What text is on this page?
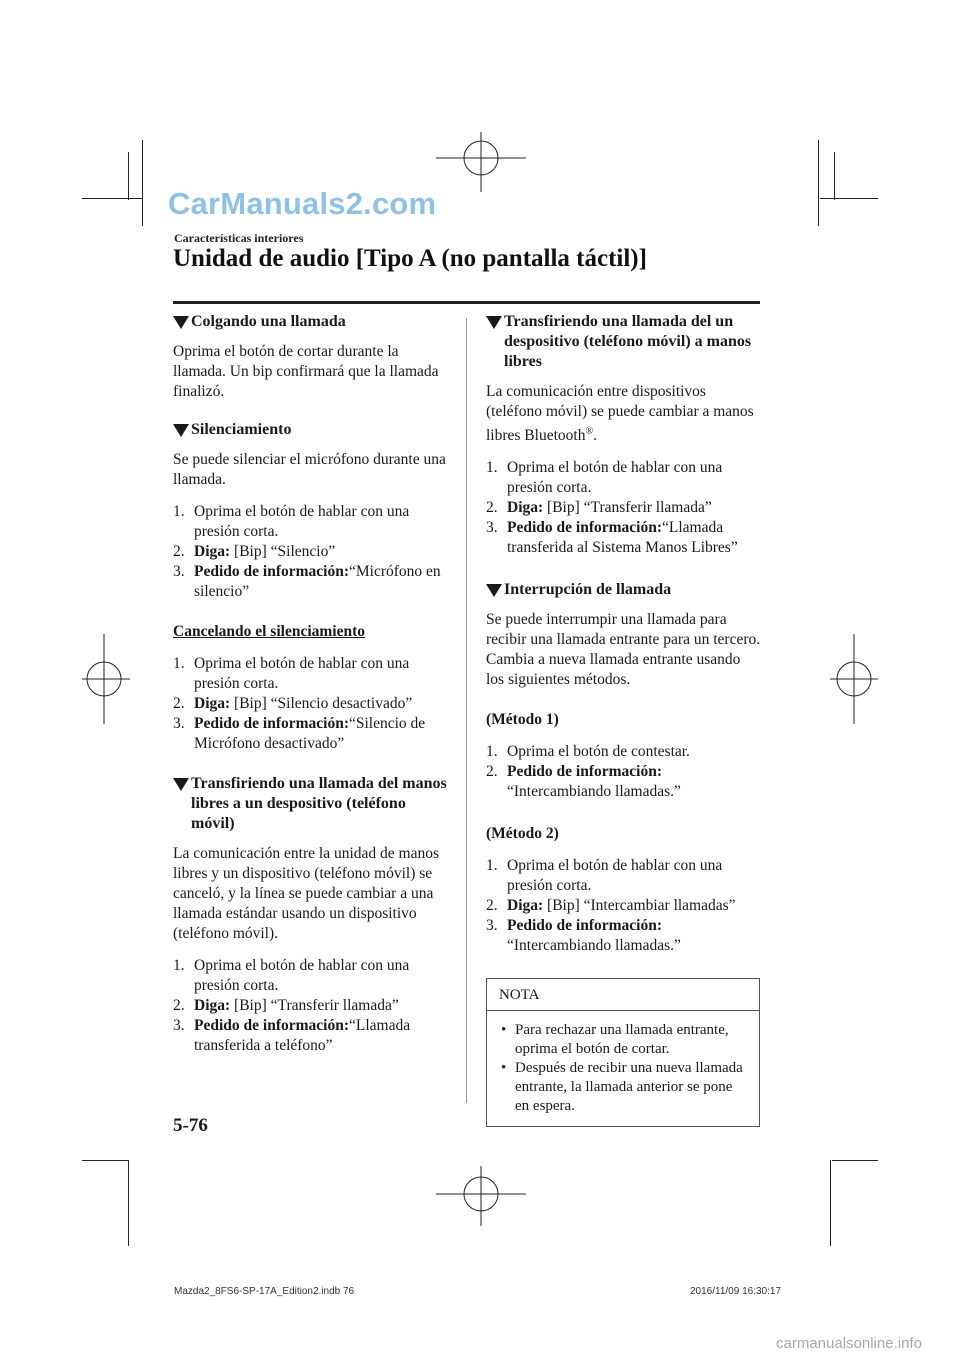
CarManuals2.com
Características interiores
Unidad de audio [Tipo A (no pantalla táctil)]
Colgando una llamada

Oprima el botón de cortar durante la llamada. Un bip confirmará que la llamada finalizó.

Silenciamiento

Se puede silenciar el micrófono durante una llamada.

1. Oprima el botón de hablar con una presión corta.
2. Diga: [Bip] “Silencio”
3. Pedido de información:“Micrófono en silencio”

Cancelando el silenciamiento

1. Oprima el botón de hablar con una presión corta.
2. Diga: [Bip] “Silencio desactivado”
3. Pedido de información:“Silencio de Micrófono desactivado”
Transfiriendo una llamada del manos libres a un despositivo (teléfono móvil)

La comunicación entre la unidad de manos libres y un dispositivo (teléfono móvil) se canceló, y la línea se puede cambiar a una llamada estándar usando un dispositivo (teléfono móvil).

1. Oprima el botón de hablar con una presión corta.
2. Diga: [Bip] “Transferir llamada”
3. Pedido de información:“Llamada transferida a teléfono”
Transfiriendo una llamada del un despositivo (teléfono móvil) a manos libres

La comunicación entre dispositivos (teléfono móvil) se puede cambiar a manos libres Bluetooth®.

1. Oprima el botón de hablar con una presión corta.
2. Diga: [Bip] “Transferir llamada”
3. Pedido de información:“Llamada transferida al Sistema Manos Libres”
Interrupción de llamada

Se puede interrumpir una llamada para recibir una llamada entrante para un tercero.

Cambia a nueva llamada entrante usando los siguientes métodos.

(Método 1)

1. Oprima el botón de contestar.
2. Pedido de información:
“Intercambiando llamadas.”

(Método 2)

1. Oprima el botón de hablar con una presión corta.
2. Diga: [Bip] “Intercambiar llamadas”
3. Pedido de información:
“Intercambiando llamadas.”
NOTA
• Para rechazar una llamada entrante, oprima el botón de cortar.
• Después de recibir una nueva llamada entrante, la llamada anterior se pone en espera.
5-76
Mazda2_8FS6-SP-17A_Edition2.indb 76	2016/11/09 16:30:17
carmanualsonline.info
